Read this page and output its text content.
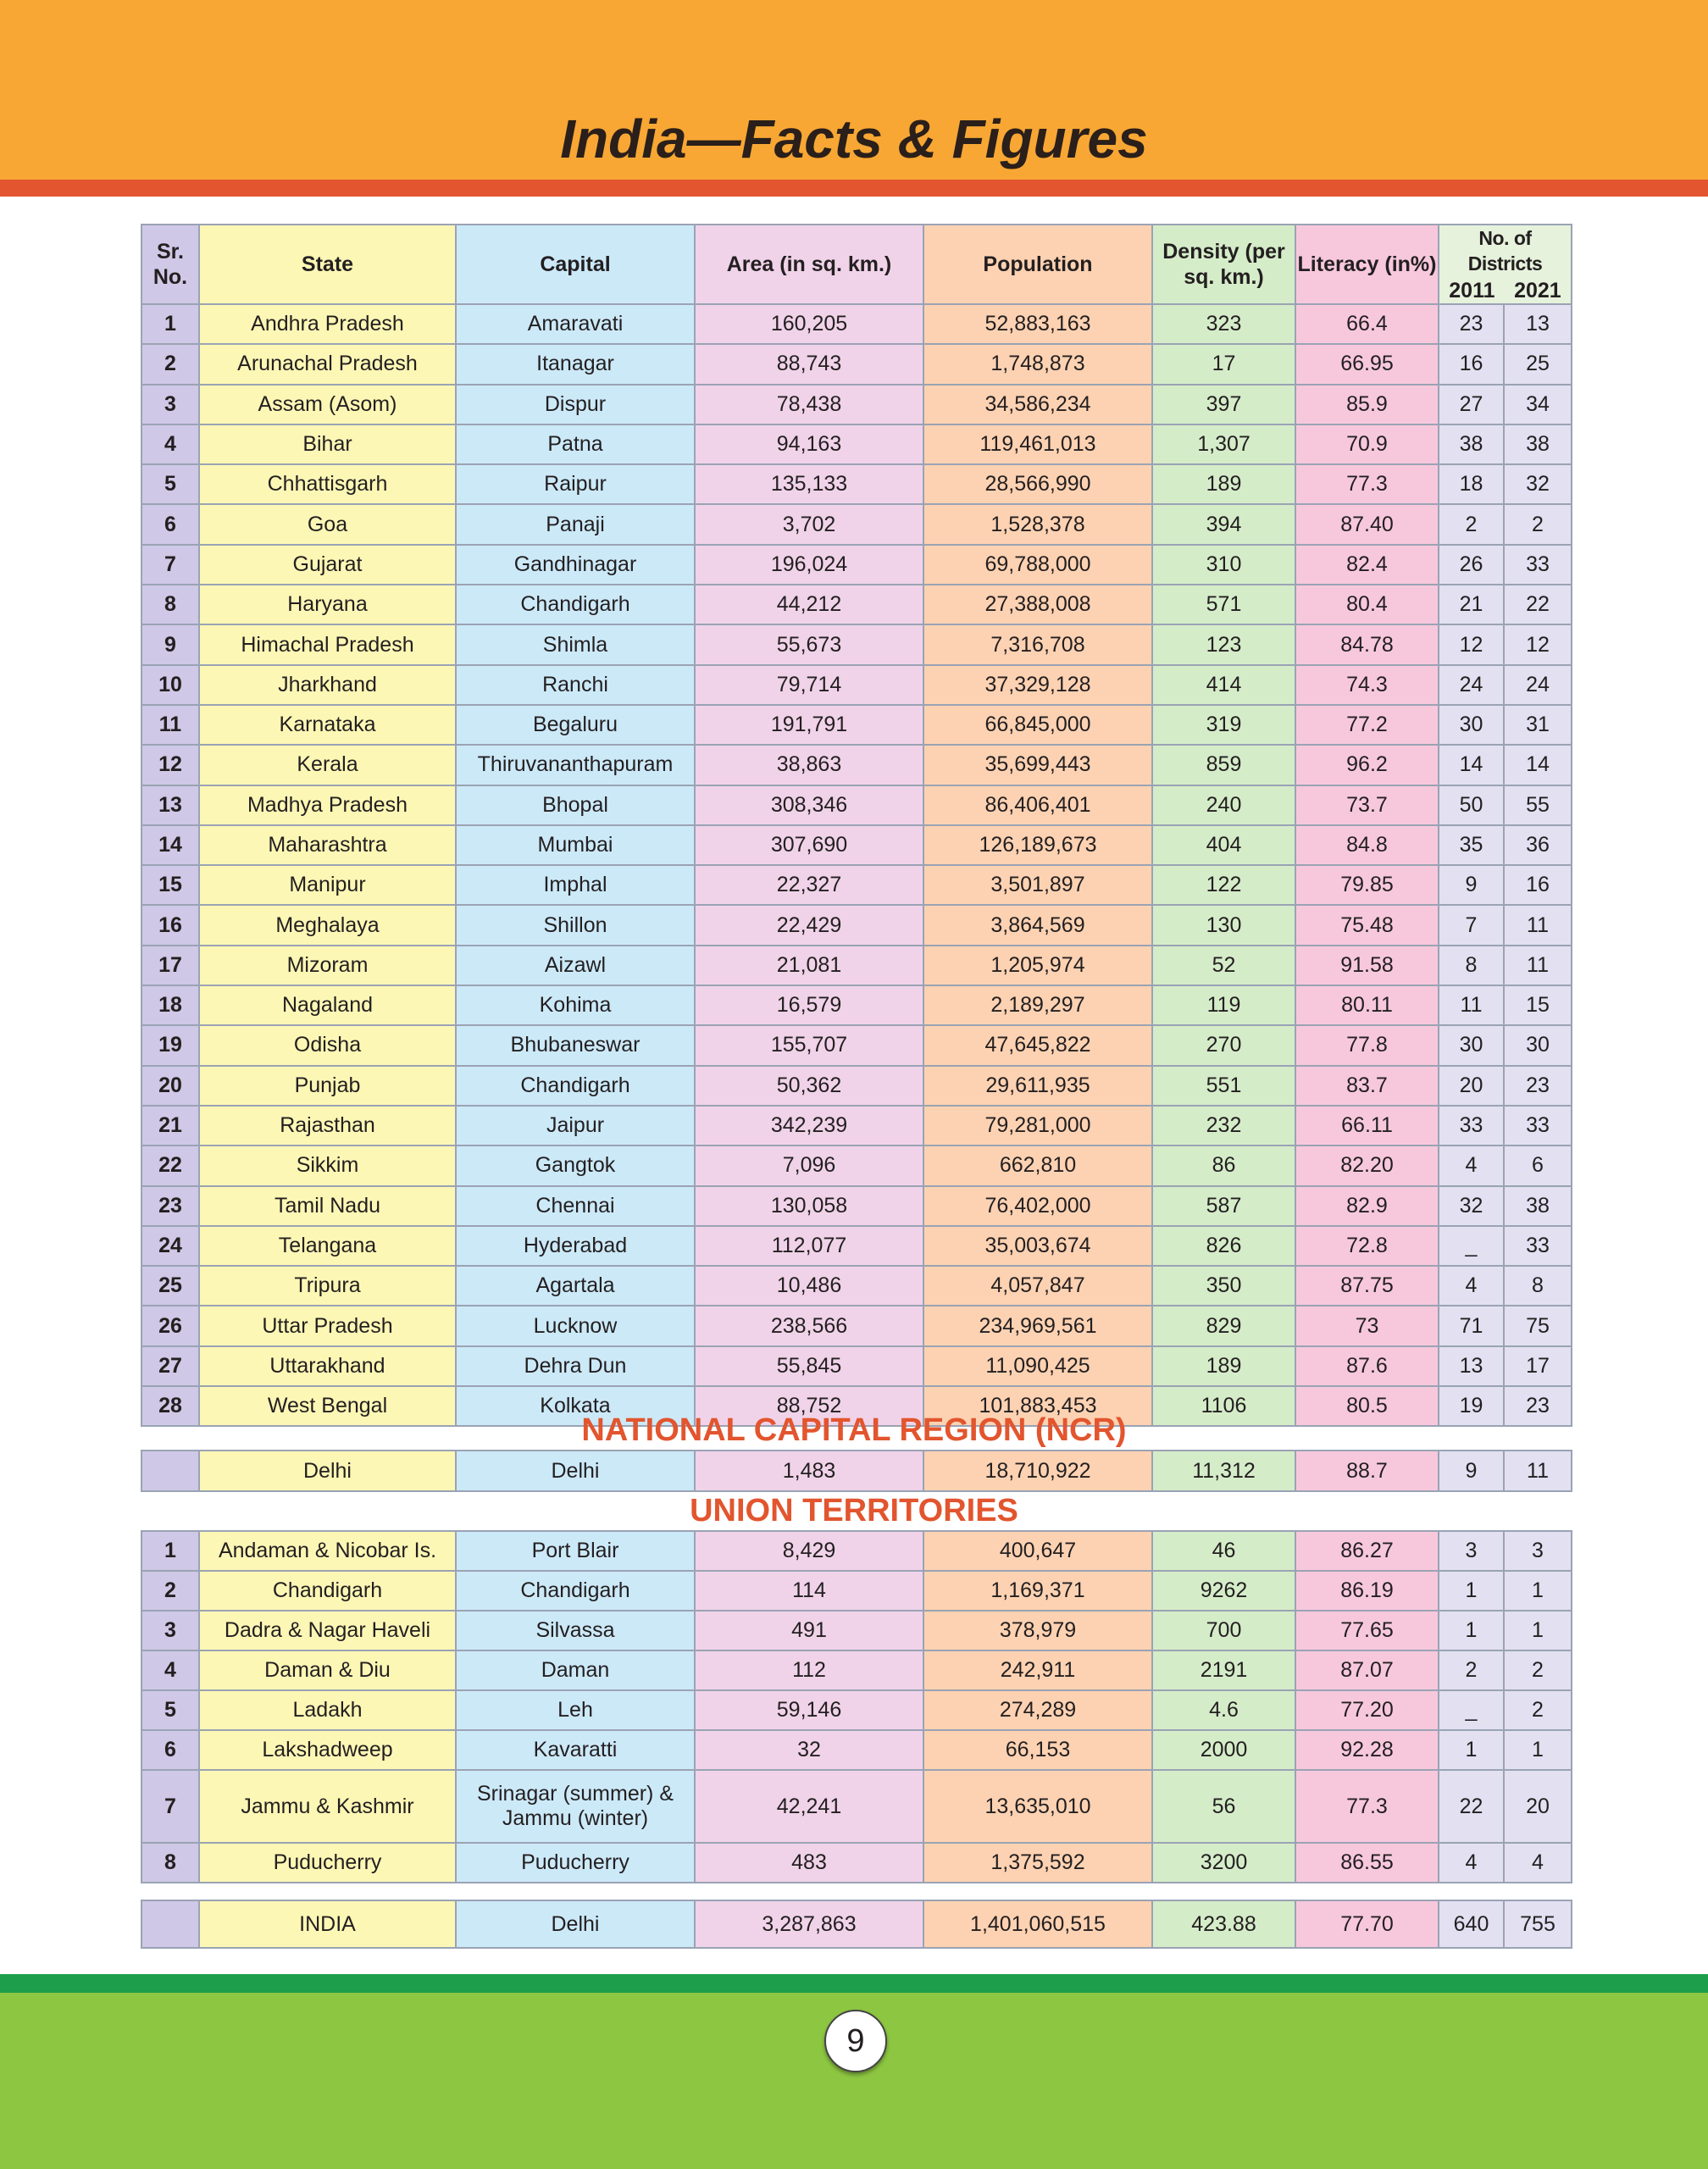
India—Facts & Figures
Sr. No.	State	Capital	Area (in sq. km.)	Population	Density (per sq. km.)	Literacy (in%)	No. of Districts
2011 2021	

1	Andhra Pradesh	Amaravati	160,205	52,883,163	323	66.4	23	13
2	Arunachal Pradesh	Itanagar	88,743	1,748,873	17	66.95	16	25
3	Assam (Asom)	Dispur	78,438	34,586,234	397	85.9	27	34
4	Bihar	Patna	94,163	119,461,013	1,307	70.9	38	38
5	Chhattisgarh	Raipur	135,133	28,566,990	189	77.3	18	32
6	Goa	Panaji	3,702	1,528,378	394	87.40	2	2
7	Gujarat	Gandhinagar	196,024	69,788,000	310	82.4	26	33
8	Haryana	Chandigarh	44,212	27,388,008	571	80.4	21	22
9	Himachal Pradesh	Shimla	55,673	7,316,708	123	84.78	12	12
10	Jharkhand	Ranchi	79,714	37,329,128	414	74.3	24	24
11	Karnataka	Begaluru	191,791	66,845,000	319	77.2	30	31
12	Kerala	Thiruvananthapuram	38,863	35,699,443	859	96.2	14	14
13	Madhya Pradesh	Bhopal	308,346	86,406,401	240	73.7	50	55
14	Maharashtra	Mumbai	307,690	126,189,673	404	84.8	35	36
15	Manipur	Imphal	22,327	3,501,897	122	79.85	9	16
16	Meghalaya	Shillon	22,429	3,864,569	130	75.48	7	11
17	Mizoram	Aizawl	21,081	1,205,974	52	91.58	8	11
18	Nagaland	Kohima	16,579	2,189,297	119	80.11	11	15
19	Odisha	Bhubaneswar	155,707	47,645,822	270	77.8	30	30
20	Punjab	Chandigarh	50,362	29,611,935	551	83.7	20	23
21	Rajasthan	Jaipur	342,239	79,281,000	232	66.11	33	33
22	Sikkim	Gangtok	7,096	662,810	86	82.20	4	6
23	Tamil Nadu	Chennai	130,058	76,402,000	587	82.9	32	38
24	Telangana	Hyderabad	112,077	35,003,674	826	72.8	_	33
25	Tripura	Agartala	10,486	4,057,847	350	87.75	4	8
26	Uttar Pradesh	Lucknow	238,566	234,969,561	829	73	71	75
27	Uttarakhand	Dehra Dun	55,845	11,090,425	189	87.6	13	17
28	West Bengal	Kolkata	88,752	101,883,453	1106	80.5	19	23
NATIONAL CAPITAL REGION (NCR)
	Delhi	Delhi	1,483	18,710,922	11,312	88.7	9	11
UNION TERRITORIES
1	Andaman & Nicobar Is.	Port Blair	8,429	400,647	46	86.27	3	3
2	Chandigarh	Chandigarh	114	1,169,371	9262	86.19	1	1
3	Dadra & Nagar Haveli	Silvassa	491	378,979	700	77.65	1	1
4	Daman & Diu	Daman	112	242,911	2191	87.07	2	2
5	Ladakh	Leh	59,146	274,289	4.6	77.20	_	2
6	Lakshadweep	Kavaratti	32	66,153	2000	92.28	1	1
7	Jammu & Kashmir	Srinagar (summer) & Jammu (winter)	42,241	13,635,010	56	77.3	22	20
8	Puducherry	Puducherry	483	1,375,592	3200	86.55	4	4
	INDIA	Delhi	3,287,863	1,401,060,515	423.88	77.70	640	755
9
